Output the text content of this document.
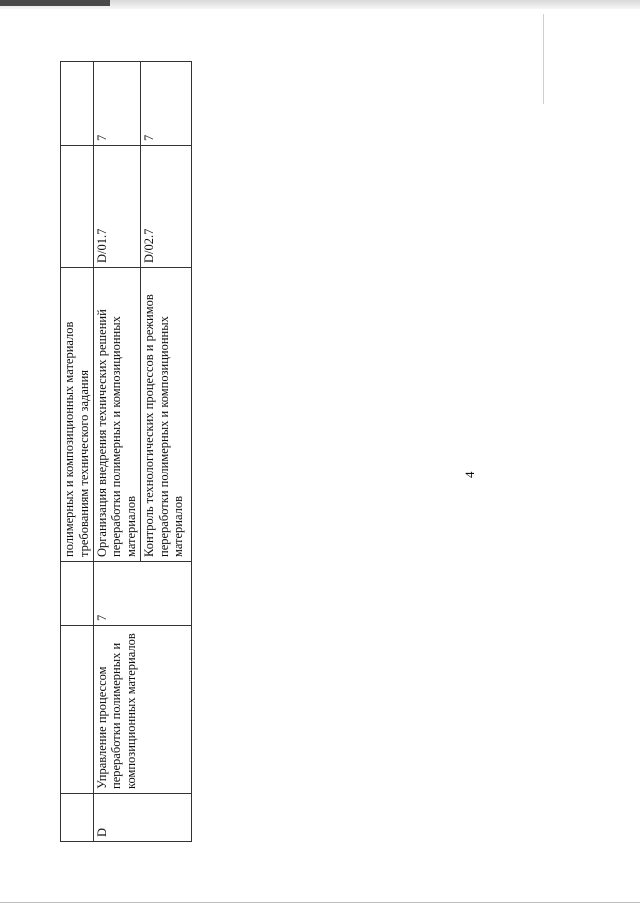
4
			полимерных и композиционных материалов требованиям технического задания		
D	Управление процессом переработки полимерных и композиционных материалов	7	Организация внедрения технических решений переработки полимерных и композиционных материалов	D/01.7	7
			Контроль технологических процессов и режимов переработки полимерных и композиционных материалов	D/02.7	7
